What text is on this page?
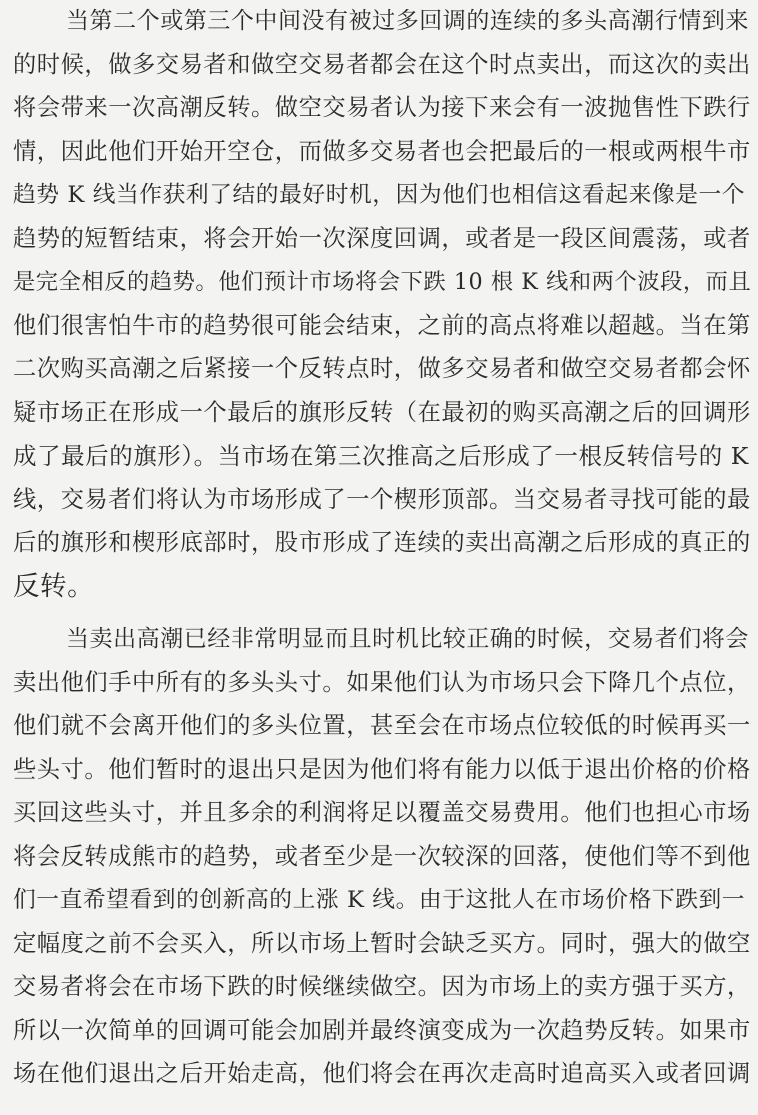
当第二个或第三个中间没有被过多回调的连续的多头高潮行情到来
的时候，做多交易者和做空交易者都会在这个时点卖出，而这次的卖出
将会带来一次高潮反转。做空交易者认为接下来会有一波抛售性下跌行
情，因此他们开始开空仓，而做多交易者也会把最后的一根或两根牛市
趋势 K 线当作获利了结的最好时机，因为他们也相信这看起来像是一个
趋势的短暂结束，将会开始一次深度回调，或者是一段区间震荡，或者
是完全相反的趋势。他们预计市场将会下跌 10 根 K 线和两个波段，而且
他们很害怕牛市的趋势很可能会结束，之前的高点将难以超越。当在第
二次购买高潮之后紧接一个反转点时，做多交易者和做空交易者都会怀
疑市场正在形成一个最后的旗形反转（在最初的购买高潮之后的回调形
成了最后的旗形）。当市场在第三次推高之后形成了一根反转信号的 K
线，交易者们将认为市场形成了一个楔形顶部。当交易者寻找可能的最
后的旗形和楔形底部时，股市形成了连续的卖出高潮之后形成的真正的
反转。
当卖出高潮已经非常明显而且时机比较正确的时候，交易者们将会
卖出他们手中所有的多头头寸。如果他们认为市场只会下降几个点位，
他们就不会离开他们的多头位置，甚至会在市场点位较低的时候再买一
些头寸。他们暂时的退出只是因为他们将有能力以低于退出价格的价格
买回这些头寸，并且多余的利润将足以覆盖交易费用。他们也担心市场
将会反转成熊市的趋势，或者至少是一次较深的回落，使他们等不到他
们一直希望看到的创新高的上涨 K 线。由于这批人在市场价格下跌到一
定幅度之前不会买入，所以市场上暂时会缺乏买方。同时，强大的做空
交易者将会在市场下跌的时候继续做空。因为市场上的卖方强于买方，
所以一次简单的回调可能会加剧并最终演变成为一次趋势反转。如果市
场在他们退出之后开始走高，他们将会在再次走高时追高买入或者回调
